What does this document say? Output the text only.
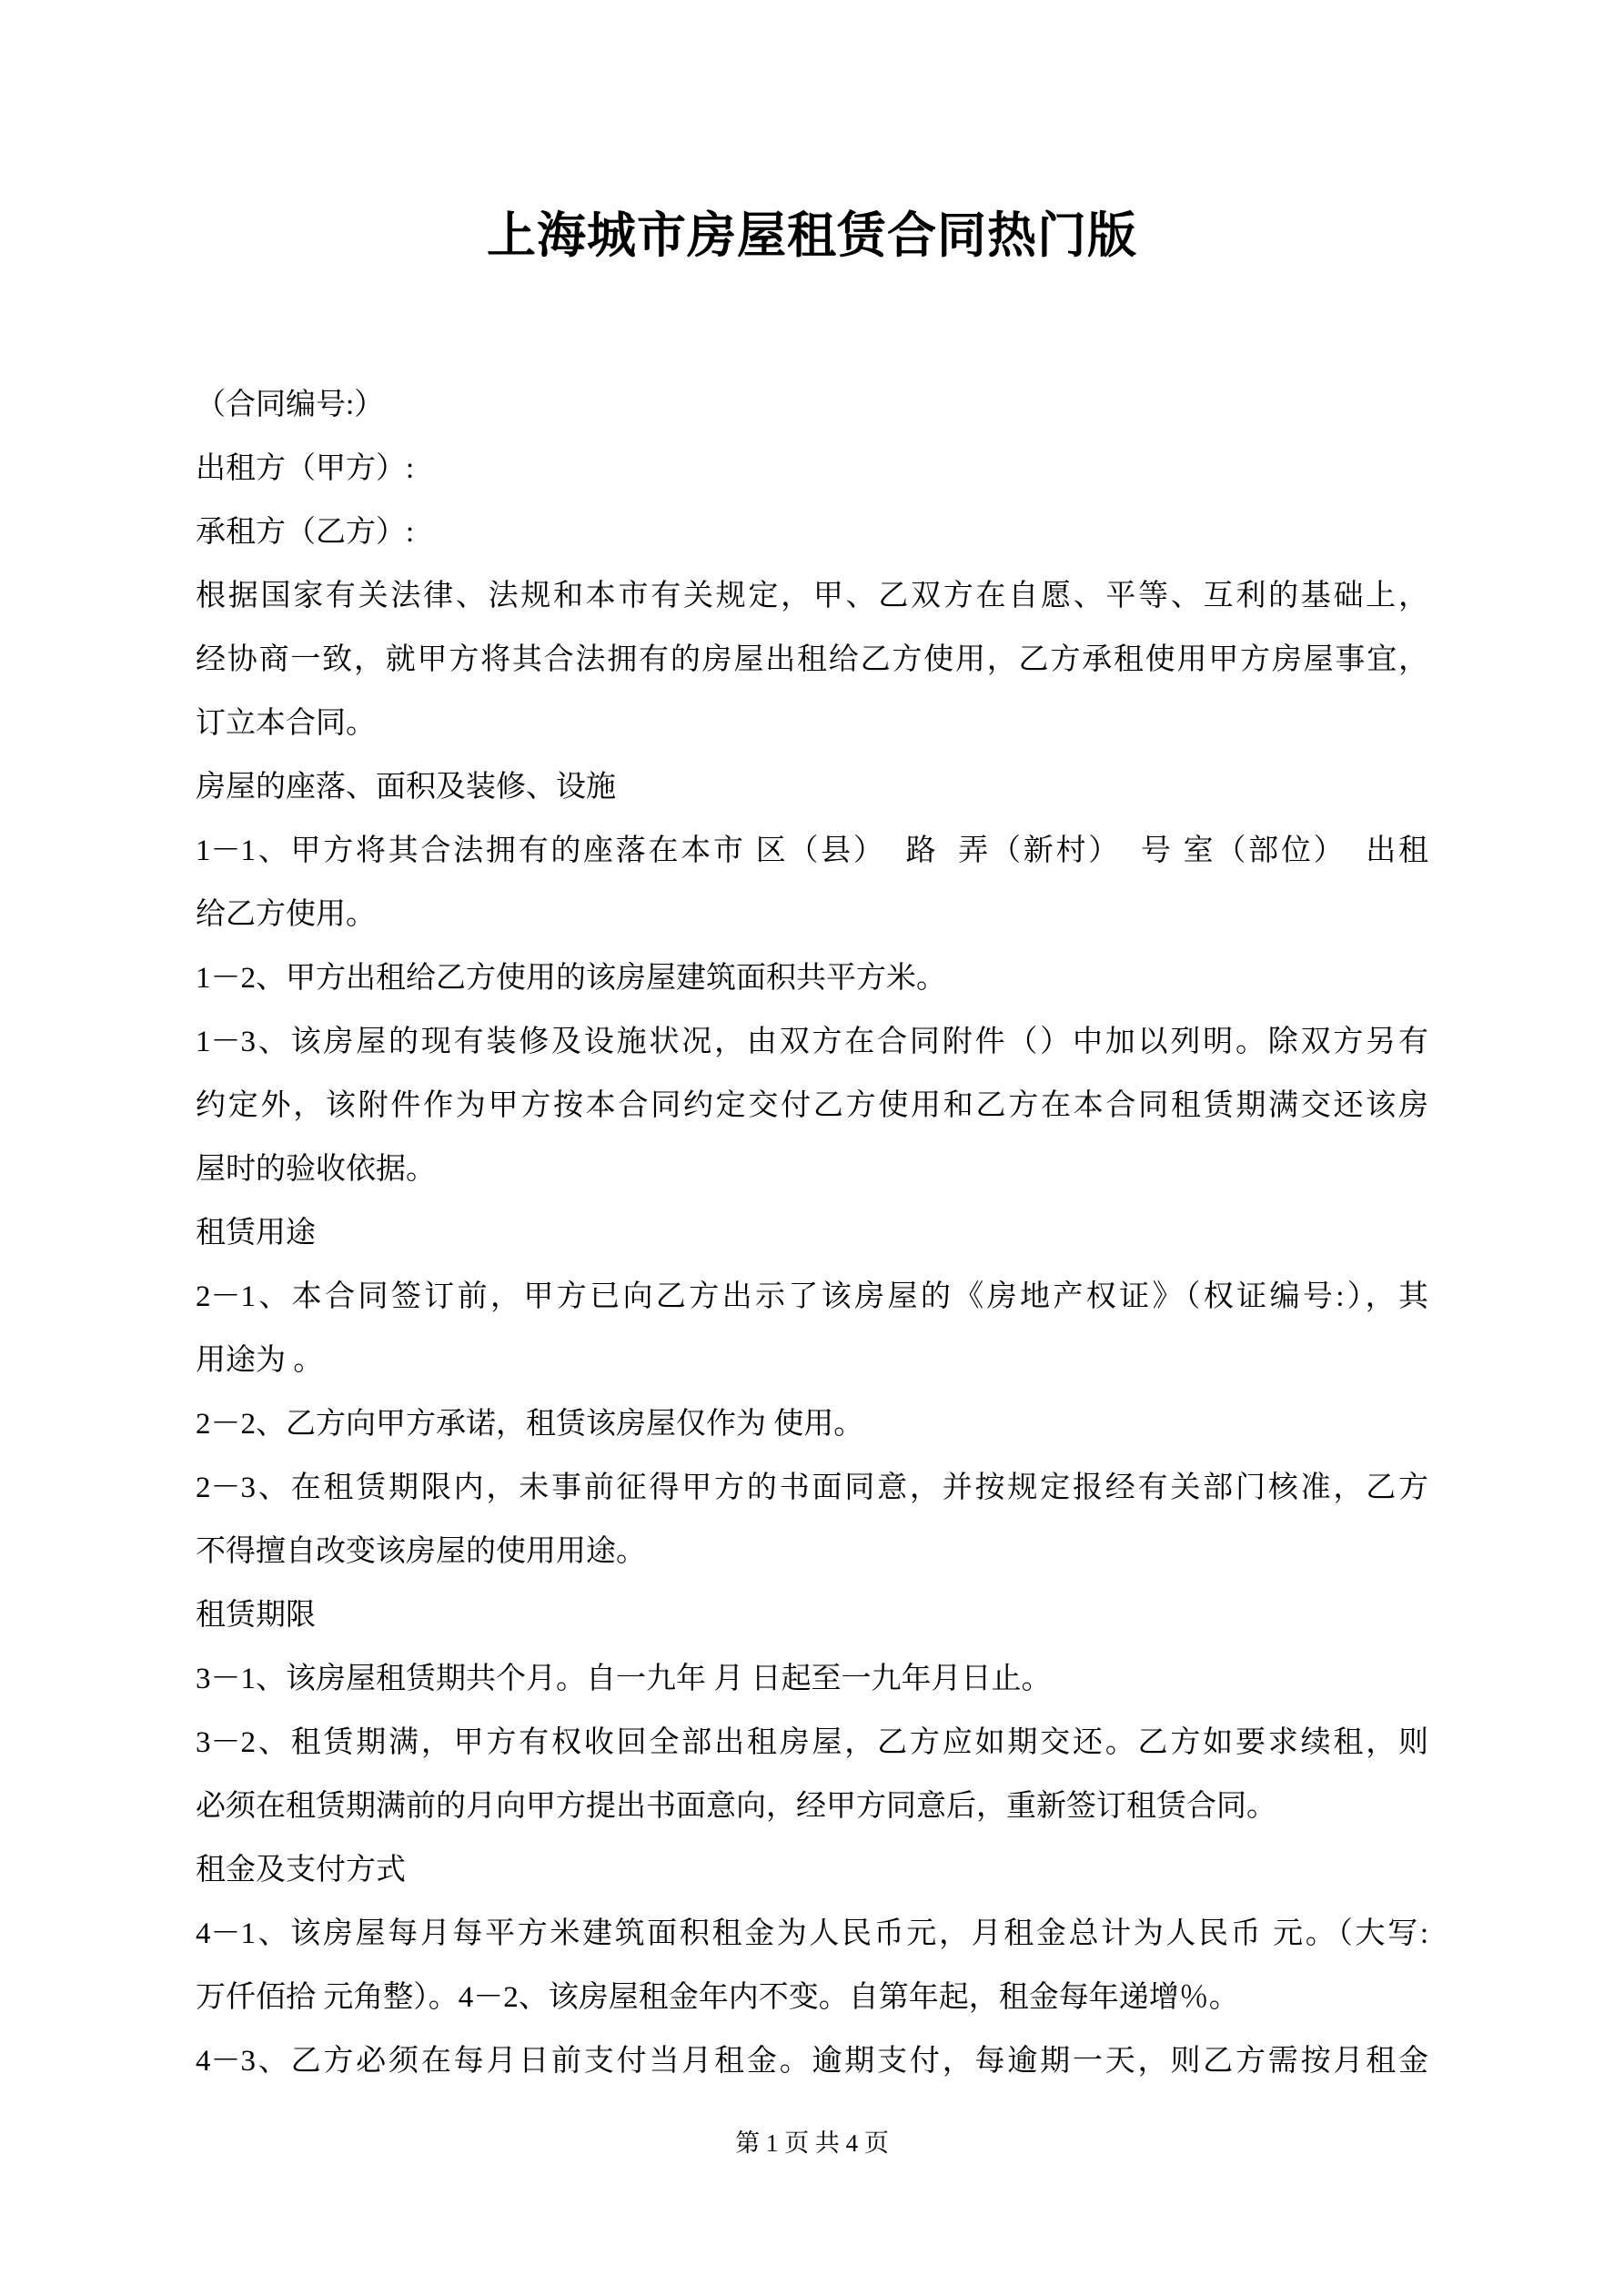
上海城市房屋租赁合同热门版
（合同编号:）
出租方（甲方）:
承租方（乙方）:
根据国家有关法律、法规和本市有关规定，甲、乙双方在自愿、平等、互利的基础上，
经协商一致，就甲方将其合法拥有的房屋出租给乙方使用，乙方承租使用甲方房屋事宜，
订立本合同。
房屋的座落、面积及装修、设施
1－1、甲方将其合法拥有的座落在本市 区（县）  路  弄（新村）  号 室（部位）  出租
给乙方使用。
1－2、甲方出租给乙方使用的该房屋建筑面积共平方米。
1－3、该房屋的现有装修及设施状况，由双方在合同附件（）中加以列明。除双方另有
约定外，该附件作为甲方按本合同约定交付乙方使用和乙方在本合同租赁期满交还该房
屋时的验收依据。
租赁用途
2－1、本合同签订前，甲方已向乙方出示了该房屋的《房地产权证》（权证编号:），其
用途为 。
2－2、乙方向甲方承诺，租赁该房屋仅作为 使用。
2－3、在租赁期限内，未事前征得甲方的书面同意，并按规定报经有关部门核准，乙方
不得擅自改变该房屋的使用用途。
租赁期限
3－1、该房屋租赁期共个月。自一九年 月 日起至一九年月日止。
3－2、租赁期满，甲方有权收回全部出租房屋，乙方应如期交还。乙方如要求续租，则
必须在租赁期满前的月向甲方提出书面意向，经甲方同意后，重新签订租赁合同。
租金及支付方式
4－1、该房屋每月每平方米建筑面积租金为人民币元，月租金总计为人民币 元。（大写:
万仟佰拾 元角整）。4－2、该房屋租金年内不变。自第年起，租金每年递增％。
4－3、乙方必须在每月日前支付当月租金。逾期支付，每逾期一天，则乙方需按月租金
第 1 页 共 4 页
